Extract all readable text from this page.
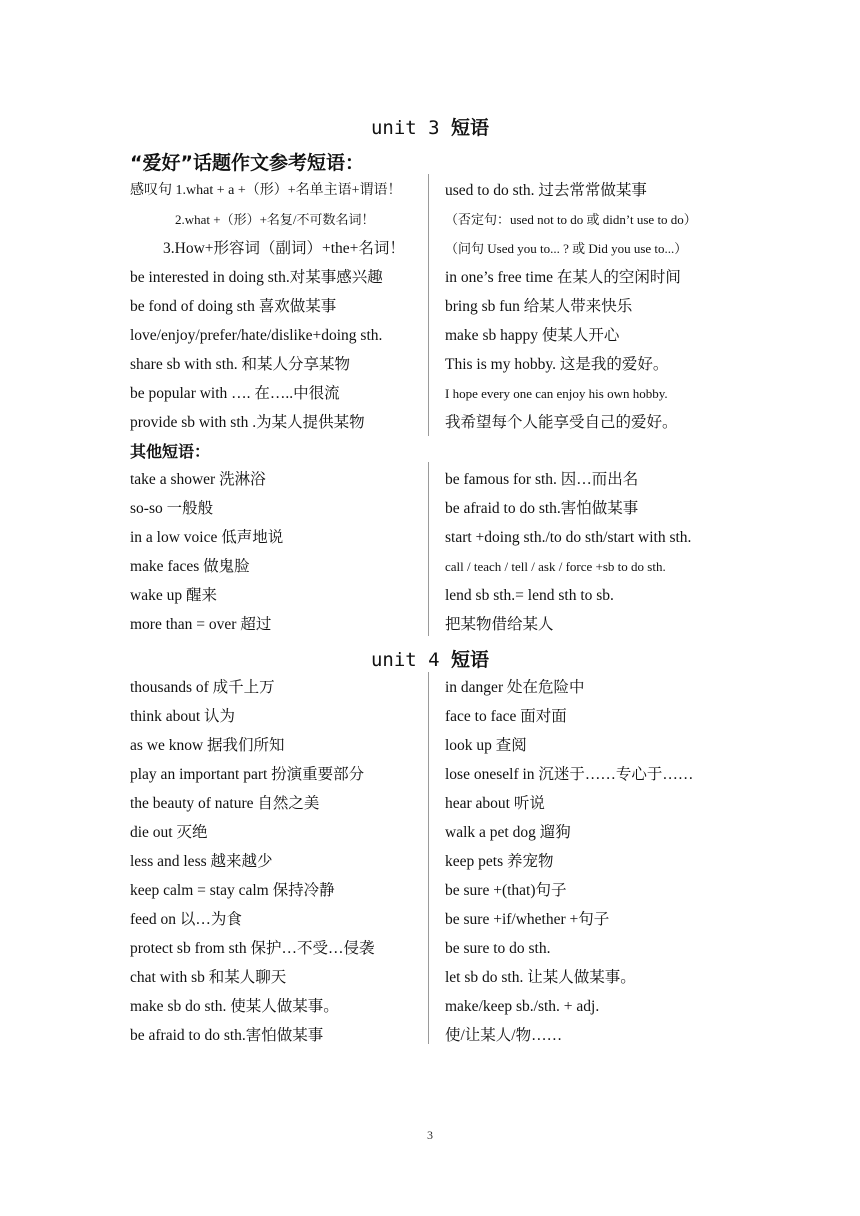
unit 3 短语
“爱好”话题作文参考短语：
感叹句 1.what + a +（形）+名单主语+谓语！	used to do sth. 过去常常做某事
2.what +（形）+名复/不可数名词！	（否定句：used not to do 或 didn’t use to do）
3.How+形容词（副词）+the+名词！	（问句 Used you to... ? 或 Did you use to...）
be interested in doing sth.对某事感兴趣	in one’s free time 在某人的空闲时间
be fond of doing sth 喜欢做某事	bring sb fun 给某人带来快乐
love/enjoy/prefer/hate/dislike+doing sth.	make sb happy 使某人开心
share sb with sth. 和某人分享某物	This is my hobby. 这是我的爱好。
be popular with …. 在…..中很流	I hope every one can enjoy his own hobby.
provide sb with sth .为某人提供某物	我希望每个人能享受自己的爱好。
其他短语：
take a shower 洗淋浴	be famous for sth. 因…而出名
so-so 一般般	be afraid to do sth.害怕做某事
in a low voice 低声地说	start +doing sth./to do sth/start with sth.
make faces 做鬼脸	call / teach / tell / ask / force +sb to do sth.
wake up 醒来	lend sb sth.= lend sth to sb.
more than = over 超过	把某物借给某人
unit 4 短语
thousands of 成千上万	in danger 处在危险中
think about 认为	face to face 面对面
as we know 据我们所知	look up 查阅
play an important part 扮演重要部分	lose oneself in 沉迷于……专心于……
the beauty of nature 自然之美	hear about 听说
die out 灭绝	walk a pet dog 遛狗
less and less 越来越少	keep pets 养宠物
keep calm = stay calm 保持冷静	be sure +(that)句子
feed on 以…为食	be sure +if/whether +句子
protect sb from sth 保护…不受…侵袭	be sure to do sth.
chat with sb 和某人聊天	let sb do sth. 让某人做某事。
make sb do sth. 使某人做某事。	make/keep sb./sth. + adj.
be afraid to do sth.害怕做某事	使/让某人/物……
3
